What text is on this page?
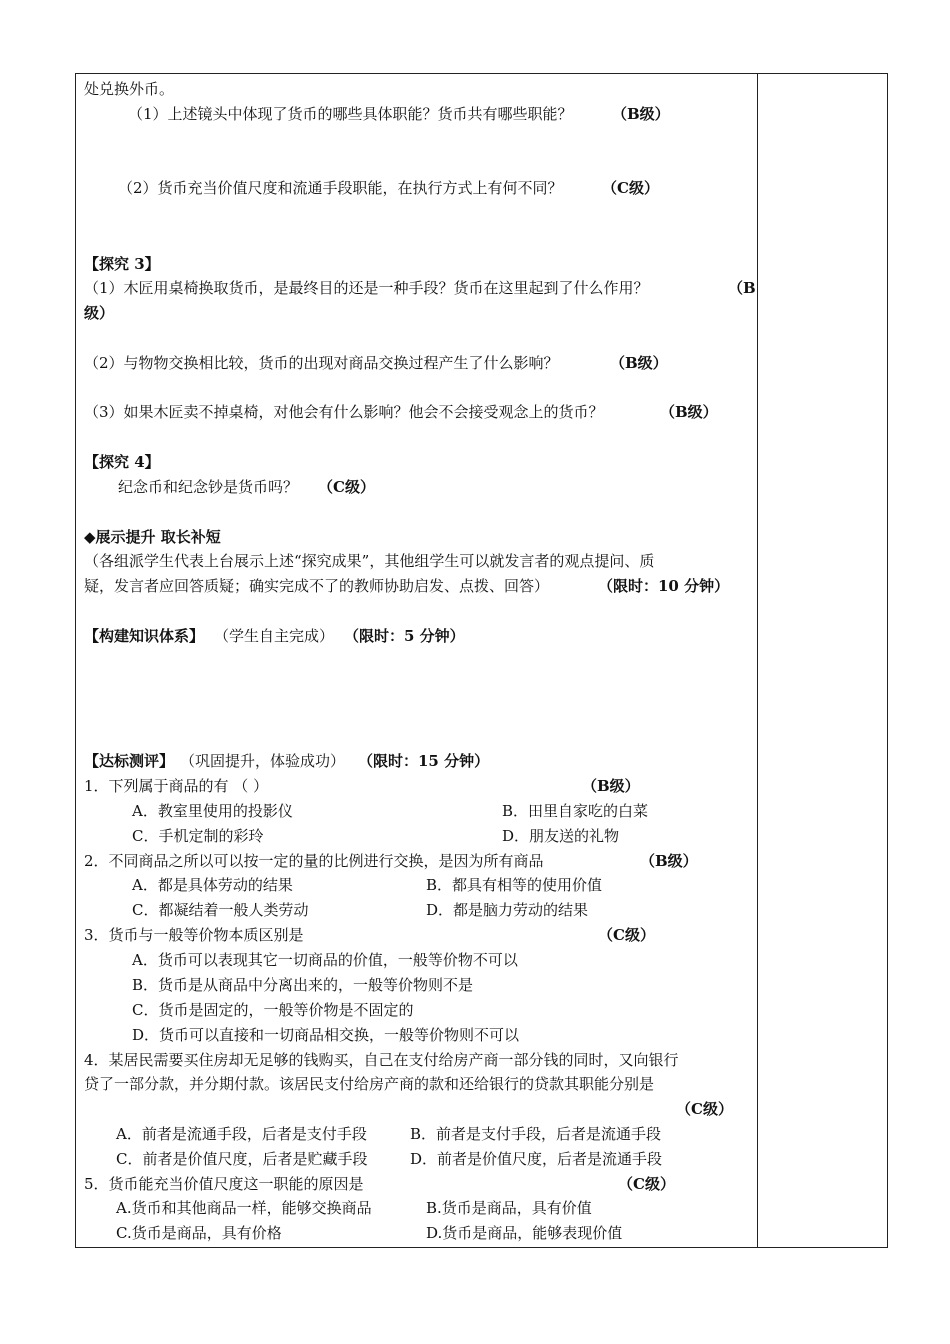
处兑换外币。
（1）上述镜头中体现了货币的哪些具体职能？货币共有哪些职能？	（B级）
（2）货币充当价值尺度和流通手段职能，在执行方式上有何不同？	（C级）
【探究 3】
（1）木匠用桌椅换取货币，是最终目的还是一种手段？货币在这里起到了什么作用？	（B
级）
（2）与物物交换相比较，货币的出现对商品交换过程产生了什么影响？	（B级）
（3）如果木匠卖不掉桌椅，对他会有什么影响？他会不会接受观念上的货币？	（B级）
【探究 4】
纪念币和纪念钞是货币吗？ （C级）
◆展示提升 取长补短
（各组派学生代表上台展示上述“探究成果”，其他组学生可以就发言者的观点提问、质
疑，发言者应回答质疑；确实完成不了的教师协助启发、点拨、回答）	（限时：10 分钟）
【构建知识体系】 （学生自主完成） （限时：5 分钟）
【达标测评】 （巩固提升，体验成功） （限时：15 分钟）
1．下列属于商品的有 （ ）	（B级）
A．教室里使用的投影仪	B．田里自家吃的白菜
C．手机定制的彩玲	D．朋友送的礼物
2．不同商品之所以可以按一定的量的比例进行交换，是因为所有商品	（B级）
A．都是具体劳动的结果	B．都具有相等的使用价值
C．都凝结着一般人类劳动	D．都是脑力劳动的结果
3．货币与一般等价物本质区别是	（C级）
A．货币可以表现其它一切商品的价值，一般等价物不可以
B．货币是从商品中分离出来的，一般等价物则不是
C．货币是固定的，一般等价物是不固定的
D．货币可以直接和一切商品相交换，一般等价物则不可以
4．某居民需要买住房却无足够的钱购买，自己在支付给房产商一部分钱的同时，又向银行
贷了一部分款，并分期付款。该居民支付给房产商的款和还给银行的贷款其职能分别是
（C级）
A．前者是流通手段，后者是支付手段	B．前者是支付手段，后者是流通手段
C．前者是价值尺度，后者是贮藏手段	D．前者是价值尺度，后者是流通手段
5．货币能充当价值尺度这一职能的原因是	（C级）
A.货币和其他商品一样，能够交换商品	B.货币是商品，具有价值
C.货币是商品，具有价格	D.货币是商品，能够表现价值
